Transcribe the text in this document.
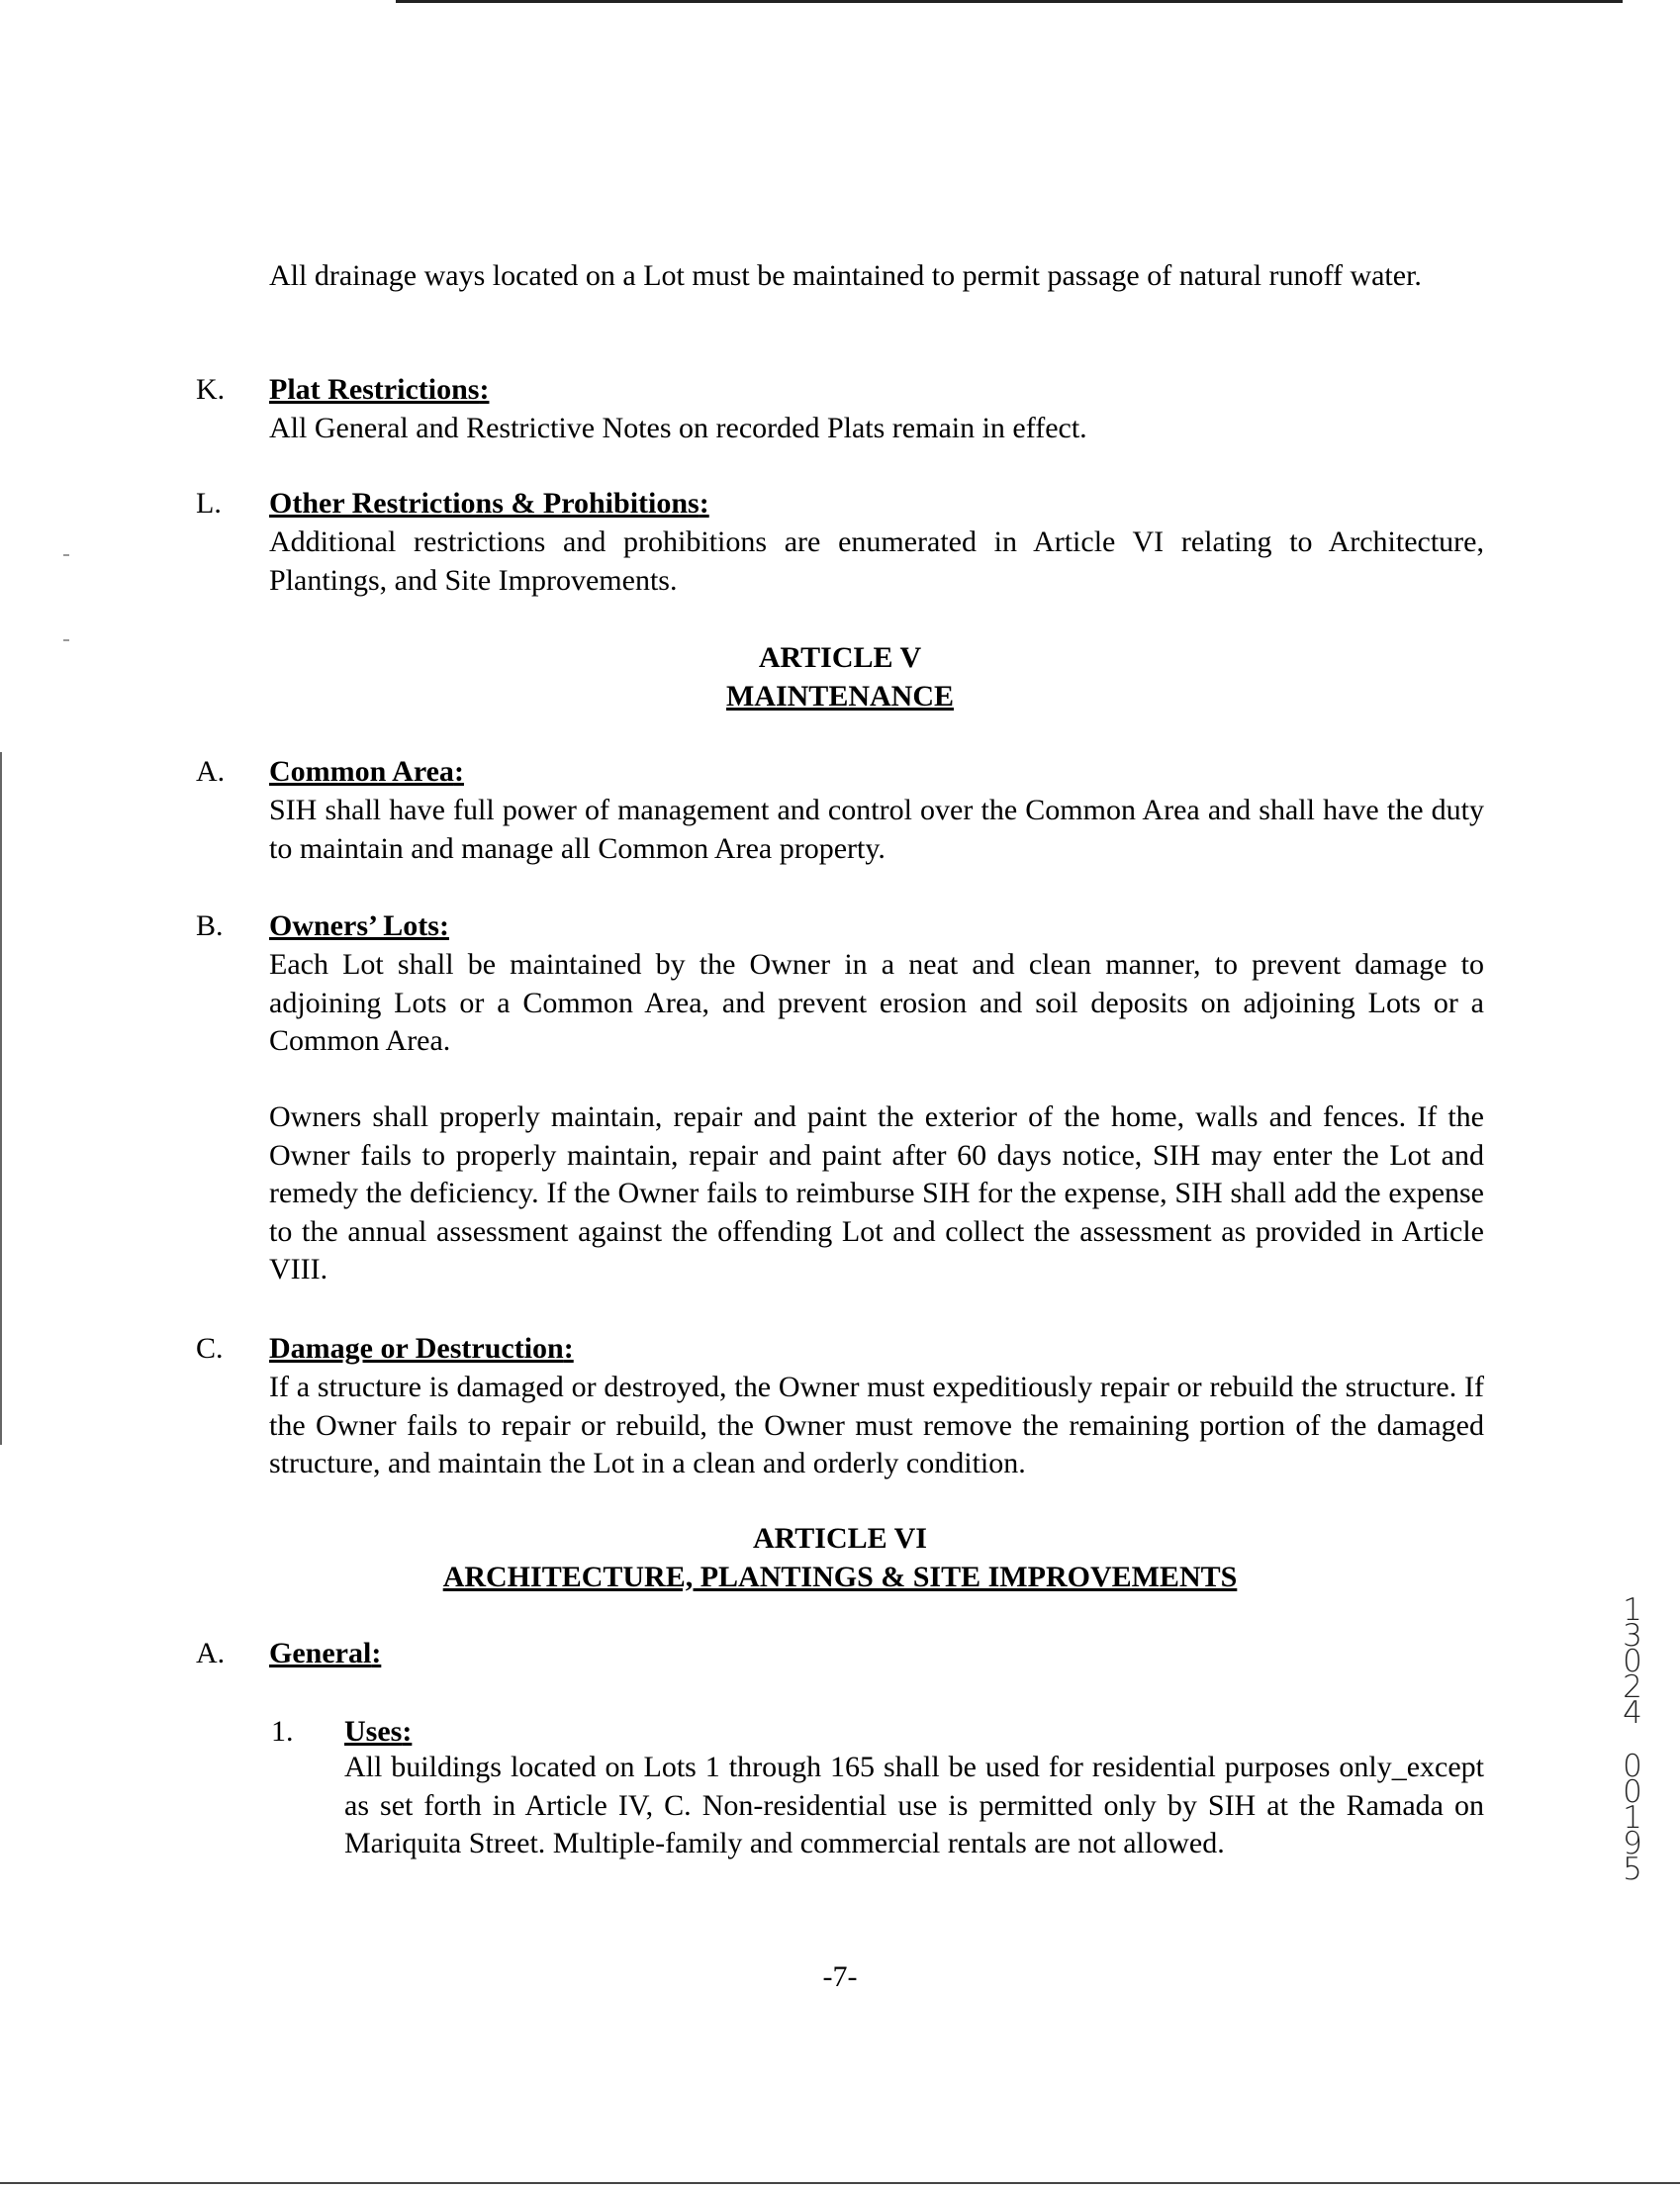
All drainage ways located on a Lot must be maintained to permit passage of natural runoff water.

K. Plat Restrictions:

All General and Restrictive Notes on recorded Plats remain in effect.

L. Other Restrictions & Prohibitions:

Additional restrictions and prohibitions are enumerated in Article VI relating to Architecture, Plantings, and Site Improvements.

ARTICLE V
MAINTENANCE
A. Common Area:

SIH shall have full power of management and control over the Common Area and shall have the duty to maintain and manage all Common Area property.

B. Owners’ Lots:

Each Lot shall be maintained by the Owner in a neat and clean manner, to prevent damage to adjoining Lots or a Common Area, and prevent erosion and soil deposits on adjoining Lots or a Common Area.

Owners shall properly maintain, repair and paint the exterior of the home, walls and fences. If the Owner fails to properly maintain, repair and paint after 60 days notice, SIH may enter the Lot and remedy the deficiency. If the Owner fails to reimburse SIH for the expense, SIH shall add the expense to the annual assessment against the offending Lot and collect the assessment as provided in Article VIII.

C. Damage or Destruction:

If a structure is damaged or destroyed, the Owner must expeditiously repair or rebuild the structure. If the Owner fails to repair or rebuild, the Owner must remove the remaining portion of the damaged structure, and maintain the Lot in a clean and orderly condition.

ARTICLE VI
ARCHITECTURE, PLANTINGS & SITE IMPROVEMENTS
A. General:
1. Uses:

All buildings located on Lots 1 through 165 shall be used for residential purposes only_except as set forth in Article IV, C. Non-residential use is permitted only by SIH at the Ramada on Mariquita Street. Multiple-family and commercial rentals are not allowed.

-7-
1
3
0
2
4
0
0
1
9
5
